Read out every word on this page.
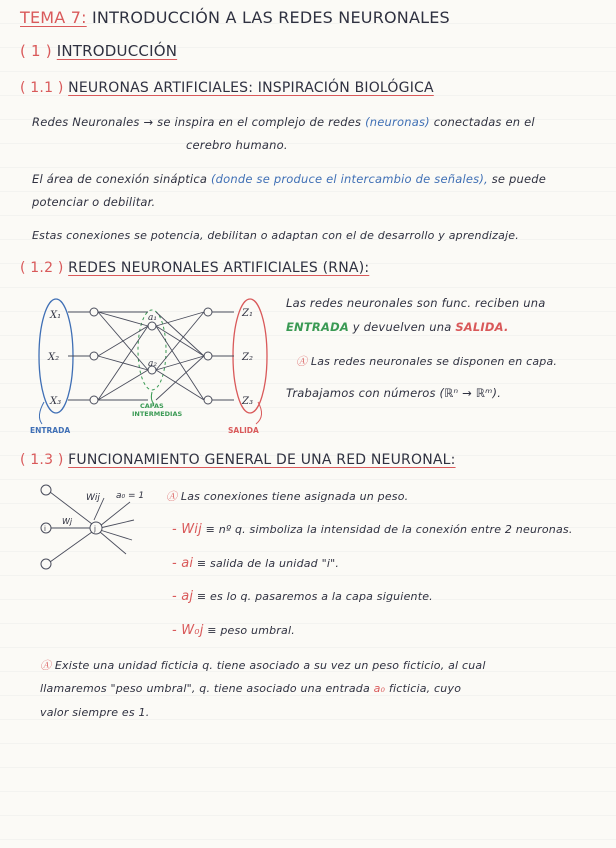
TEMA 7: INTRODUCCIÓN A LAS REDES NEURONALES
( 1 ) INTRODUCCIÓN
( 1.1 ) NEURONAS ARTIFICIALES: INSPIRACIÓN BIOLÓGICA
Redes Neuronales → se inspira en el complejo de redes (neuronas) conectadas en el
cerebro humano.
El área de conexión sináptica (donde se produce el intercambio de señales), se puede
potenciar o debilitar.
Estas conexiones se potencia, debilitan o adaptan con el de desarrollo y aprendizaje.
( 1.2 ) REDES NEURONALES ARTIFICIALES (RNA):
X₁
X₂
X₃
a₁
a₂
Z₁
Z₂
Z₃
ENTRADA	SALIDA
CAPAS
INTERMEDIAS
Las redes neuronales son func. reciben una
ENTRADA y devuelven una SALIDA.
Ⓐ Las redes neuronales se disponen en capa.
Trabajamos con números (ℝⁿ → ℝᵐ).
( 1.3 ) FUNCIONAMIENTO GENERAL DE UNA RED NEURONAL:
Wij a₀ = 1
Wj
i	j
Ⓐ Las conexiones tiene asignada un peso.
- Wij ≡ nº q. simboliza la intensidad de la conexión entre 2 neuronas.
- ai ≡ salida de la unidad "i".
- aj ≡ es lo q. pasaremos a la capa siguiente.
- W₀j ≡ peso umbral.
Ⓐ Existe una unidad ficticia q. tiene asociado a su vez un peso ficticio, al cual
llamaremos "peso umbral", q. tiene asociado una entrada a₀ ficticia, cuyo
valor siempre es 1.
